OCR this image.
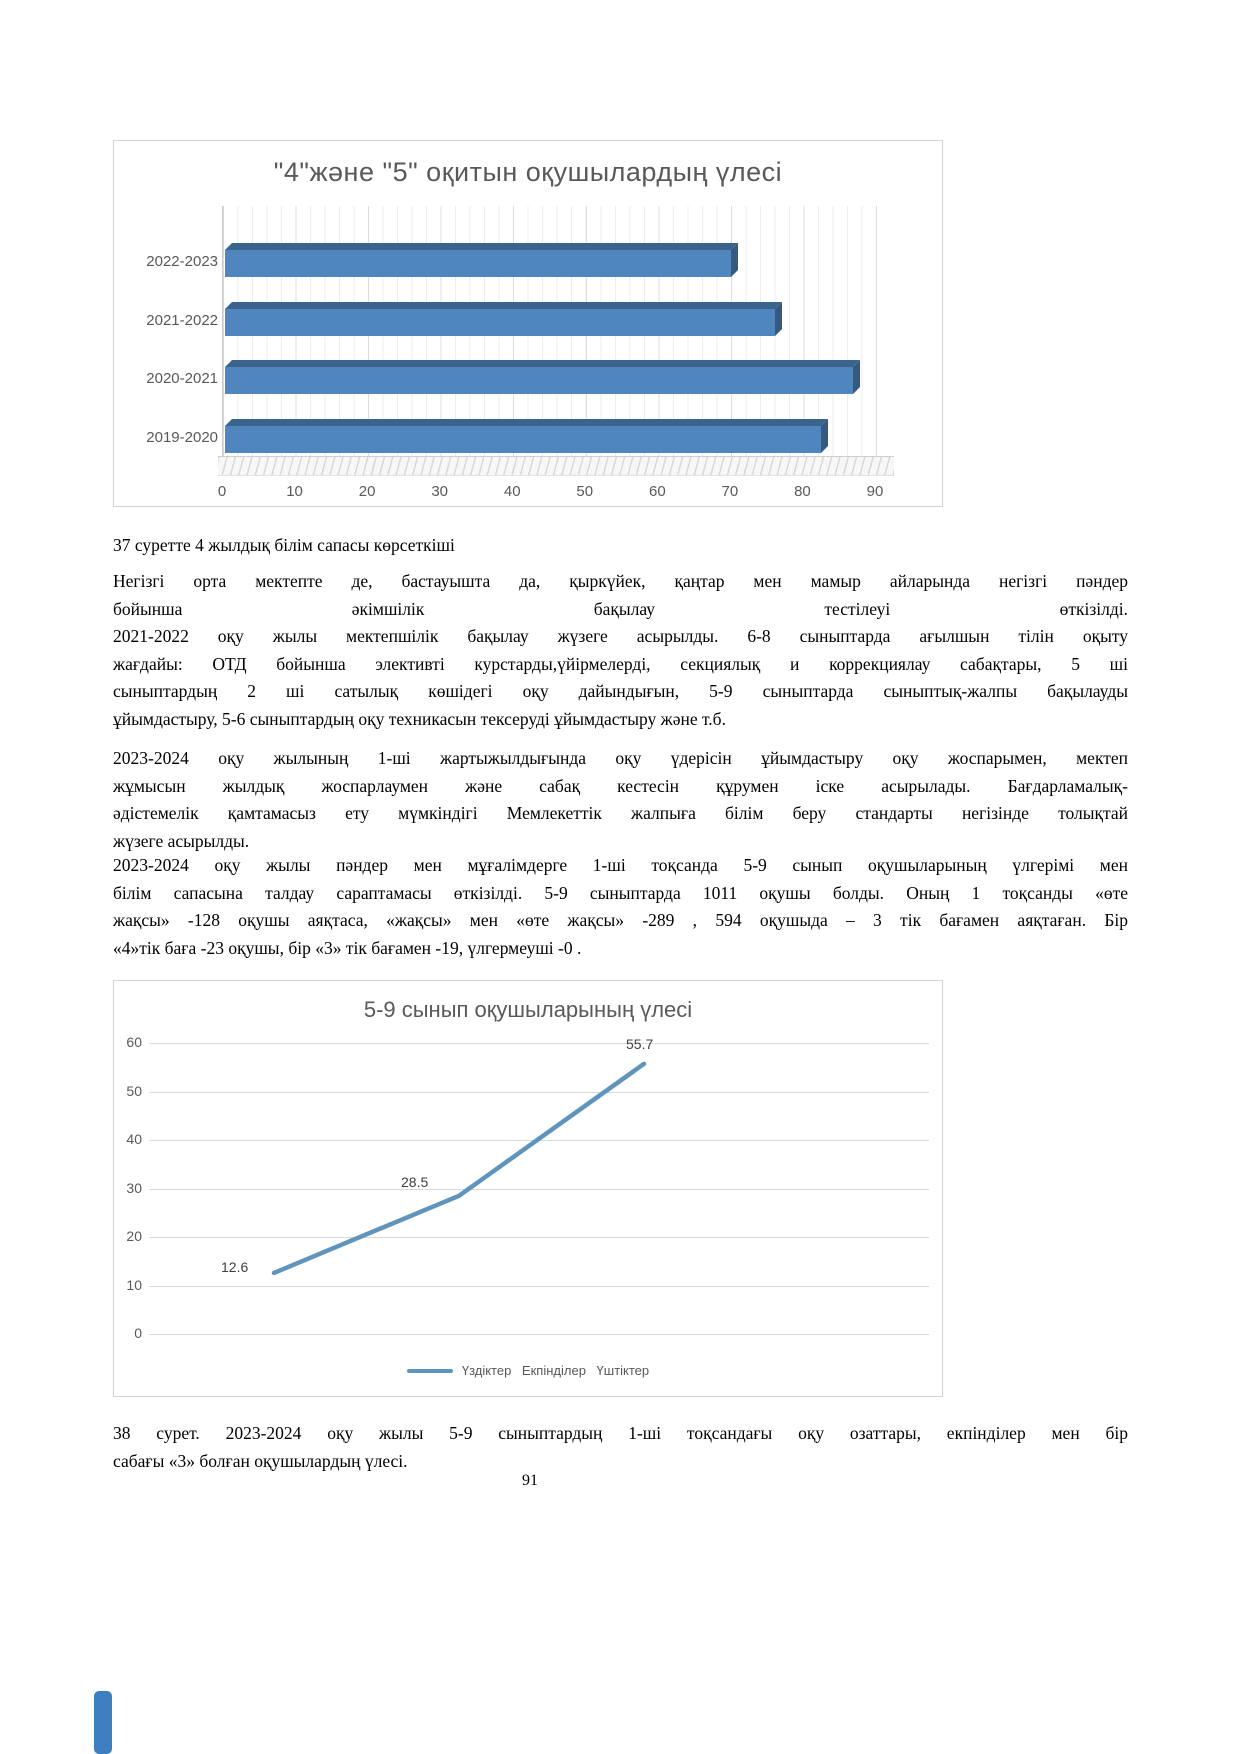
"4"және "5" оқитын оқушылардың үлесі
2022-2023
2021-2022
2020-2021
2019-2020
0	10	20	30	40	50	60	70	80	90
37 суретте 4 жылдық білім сапасы көрсеткіші
Негізгі орта мектепте де, бастауышта да, қыркүйек, қаңтар мен мамыр айларында негізгі пәндер
бойынша әкімшілік бақылау тестілеуі өткізілді.
2021-2022 оқу жылы мектепшілік бақылау жүзеге асырылды. 6-8 сыныптарда ағылшын тілін оқыту
жағдайы: ОТД бойынша элективті курстарды,үйірмелерді, секциялық и коррекциялау сабақтары, 5 ші
сыныптардың 2 ші сатылық көшідегі оқу дайындығын, 5-9 сыныптарда сыныптық-жалпы бақылауды
ұйымдастыру, 5-6 сыныптардың оқу техникасын тексеруді ұйымдастыру және т.б.
2023-2024 оқу жылының 1-ші жартыжылдығында оқу үдерісін ұйымдастыру оқу жоспарымен, мектеп
жұмысын жылдық жоспарлаумен және сабақ кестесін құрумен іске асырылады. Бағдарламалық-
әдістемелік қамтамасыз ету мүмкіндігі Мемлекеттік жалпыға білім беру стандарты негізінде толықтай
жүзеге асырылды.
2023-2024 оқу жылы пәндер мен мұғалімдерге 1-ші тоқсанда 5-9 сынып оқушыларының үлгерімі мен
білім сапасына талдау сараптамасы өткізілді. 5-9 сыныптарда 1011 оқушы болды. Оның 1 тоқсанды «өте
жақсы» -128 оқушы аяқтаса, «жақсы» мен «өте жақсы» -289 , 594 оқушыда – 3 тік бағамен аяқтаған. Бір
«4»тік баға -23 оқушы, бір «3» тік бағамен -19, үлгермеуші -0 .
5-9 сынып оқушыларының үлесі
0
10
20
30
40
50
60
12.6
28.5
55.7
Үздіктер Екпінділер Үштіктер
38 сурет. 2023-2024 оқу жылы 5-9 сыныптардың 1-ші тоқсандағы оқу озаттары, екпінділер мен бір
сабағы «3» болған оқушылардың үлесі.
91
